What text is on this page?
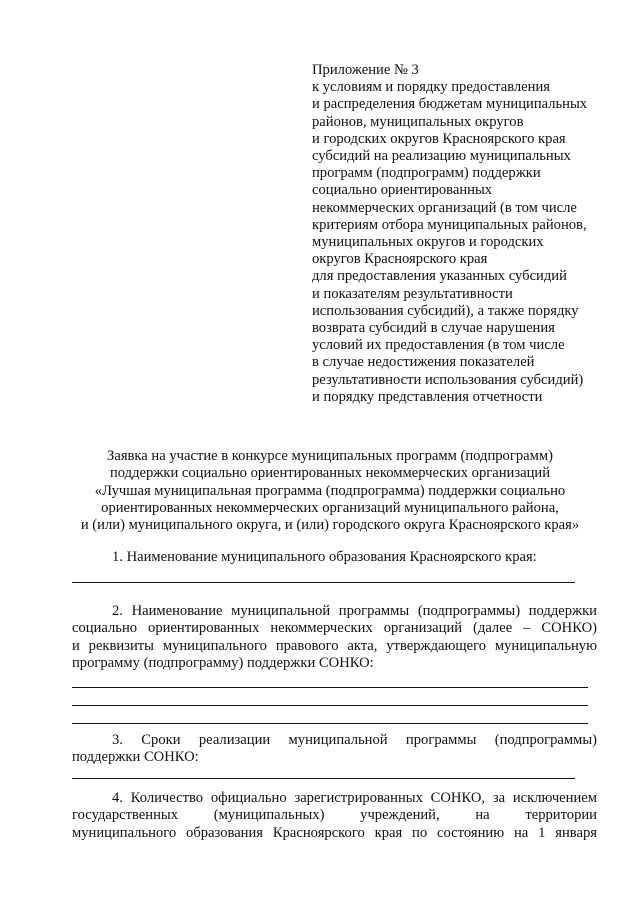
Приложение № 3
к условиям и порядку предоставления
и распределения бюджетам муниципальных
районов, муниципальных округов
и городских округов Красноярского края
субсидий на реализацию муниципальных
программ (подпрограмм) поддержки
социально ориентированных
некоммерческих организаций (в том числе
критериям отбора муниципальных районов,
муниципальных округов и городских
округов Красноярского края
для предоставления указанных субсидий
и показателям результативности
использования субсидий), а также порядку
возврата субсидий в случае нарушения
условий их предоставления (в том числе
в случае недостижения показателей
результативности использования субсидий)
и порядку представления отчетности
Заявка на участие в конкурсе муниципальных программ (подпрограмм)
поддержки социально ориентированных некоммерческих организаций
«Лучшая муниципальная программа (подпрограмма) поддержки социально
ориентированных некоммерческих организаций муниципального района,
и (или) муниципального округа, и (или) городского округа Красноярского края»
1. Наименование муниципального образования Красноярского края:
2. Наименование муниципальной программы (подпрограммы) поддержки
социально ориентированных некоммерческих организаций (далее – СОНКО)
и реквизиты муниципального правового акта, утверждающего муниципальную
программу (подпрограмму) поддержки СОНКО:
3. Сроки реализации муниципальной программы (подпрограммы)
поддержки СОНКО:
4. Количество официально зарегистрированных СОНКО, за исключением
государственных (муниципальных) учреждений, на территории
муниципального образования Красноярского края по состоянию на 1 января
